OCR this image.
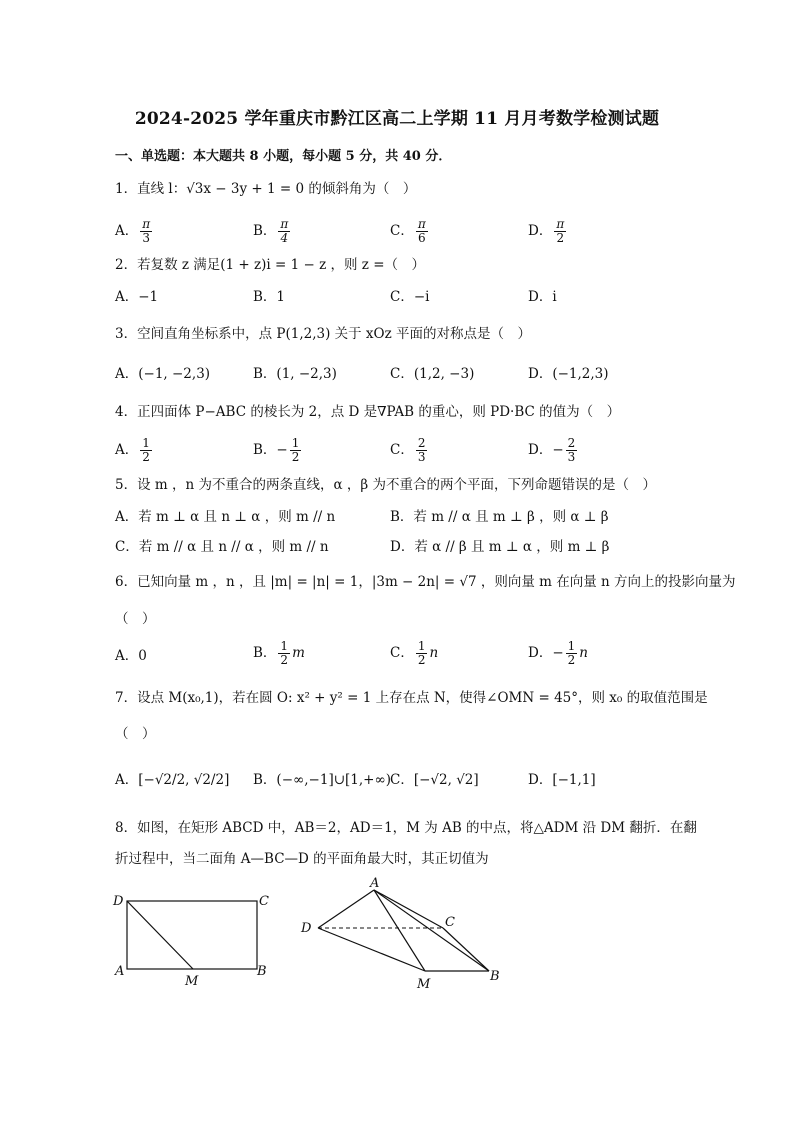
2024-2025 学年重庆市黔江区高二上学期 11 月月考数学检测试题
一、单选题：本大题共 8 小题，每小题 5 分，共 40 分．
1．直线 l：√3x − 3y + 1 = 0 的倾斜角为（　）
A． $\frac{\pi}{3}$	B． $\frac{\pi}{4}$	C． $\frac{\pi}{6}$	D． $\frac{\pi}{2}$
2．若复数 z 满足(1 + z)i = 1 − z ，则 z =（　）
A．−1	B．1	C．−i	D．i
3．空间直角坐标系中，点 P(1,2,3) 关于 xOz 平面的对称点是（　）
A．(−1, −2,3)	B．(1, −2,3)	C．(1,2, −3)	D．(−1,2,3)
4．正四面体 P−ABC 的棱长为 2，点 D 是∇PAB 的重心，则 PD·BC 的值为（　）
A． $\frac{1}{2}$	B．− $\frac{1}{2}$	C． $\frac{2}{3}$	D．− $\frac{2}{3}$
5．设 m ，n 为不重合的两条直线，α ，β 为不重合的两个平面，下列命题错误的是（　）
A．若 m ⊥ α 且 n ⊥ α ，则 m // n	B．若 m // α 且 m ⊥ β ，则 α ⊥ β
C．若 m // α 且 n // α ，则 m // n	D．若 α // β 且 m ⊥ α ，则 m ⊥ β
6．已知向量 m ，n ，且 |m| = |n| = 1，|3m − 2n| = √7 ，则向量 m 在向量 n 方向上的投影向量为
（　）
A．0	B． $\frac{1}{2}$ m	C． $\frac{1}{2}$ n	D．− $\frac{1}{2}$ n
7．设点 M(x₀,1)，若在圆 O: x² + y² = 1 上存在点 N，使得∠OMN = 45°，则 x₀ 的取值范围是
（　）
A．[−√2/2, √2/2] B．(−∞,−1]∪[1,+∞) C．[−√2, √2]	D．[−1,1]
8．如图，在矩形 ABCD 中，AB＝2，AD＝1，M 为 AB 的中点，将△ADM 沿 DM 翻折．在翻
折过程中，当二面角 A—BC—D 的平面角最大时，其正切值为
D	C
A
M
B
A
C
D
M
B
